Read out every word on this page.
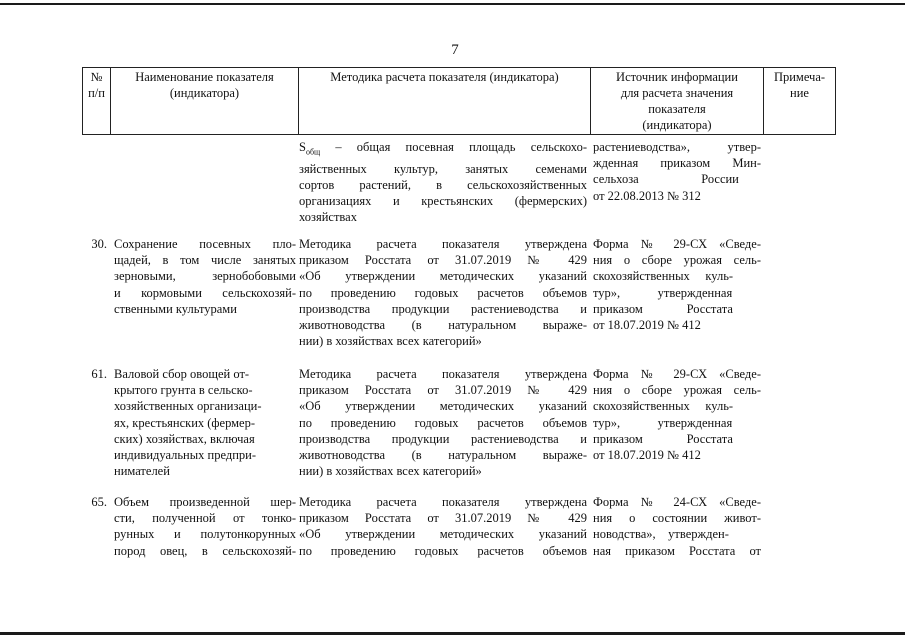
7
№
п/п
Наименование показателя
(индикатора)
Методика расчета показателя (индикатора)	Источник информации
для расчета значения
показателя
(индикатора)
Примеча-
ние
$S_{общ}$ – общая посевная площадь сельскохо-
зяйственных культур, занятых семенами
сортов растений, в сельскохозяйственных
организациях и крестьянских (фермерских)
хозяйствах
растениеводства», утвер-
жденная приказом Мин-
сельхоза                    России
от 22.08.2013 № 312
30. Сохранение посевных пло-
щадей, в том числе занятых
зерновыми, зернобобовыми
и кормовыми сельскохозяй-
ственными культурами
Методика расчета показателя утверждена
приказом Росстата от 31.07.2019 № 429
«Об утверждении методических указаний
по проведению годовых расчетов объемов
производства продукции растениеводства и
животноводства (в натуральном выраже-
нии) в хозяйствах всех категорий»
Форма № 29-СХ «Сведе-
ния о сборе урожая сель-
скохозяйственных     куль-
тур»,            утвержденная
приказом              Росстата
от 18.07.2019 № 412
61. Валовой сбор овощей от-
крытого грунта в сельско-
хозяйственных организаци-
ях, крестьянских (фермер-
ских) хозяйствах, включая
индивидуальных предпри-
нимателей
Методика расчета показателя утверждена
приказом Росстата от 31.07.2019 № 429
«Об утверждении методических указаний
по проведению годовых расчетов объемов
производства продукции растениеводства и
животноводства (в натуральном выраже-
нии) в хозяйствах всех категорий»
Форма № 29-СХ «Сведе-
ния о сборе урожая сель-
скохозяйственных     куль-
тур»,            утвержденная
приказом              Росстата
от 18.07.2019 № 412
65. Объем произведенной шер-
сти, полученной от тонко-
рунных и полутонкорунных
пород овец, в сельскохозяй-
Методика расчета показателя утверждена
приказом Росстата от 31.07.2019 № 429
«Об утверждении методических указаний
по проведению годовых расчетов объемов
Форма № 24-СХ «Сведе-
ния о состоянии живот-
новодства»,    утвержден-
ная приказом Росстата от
